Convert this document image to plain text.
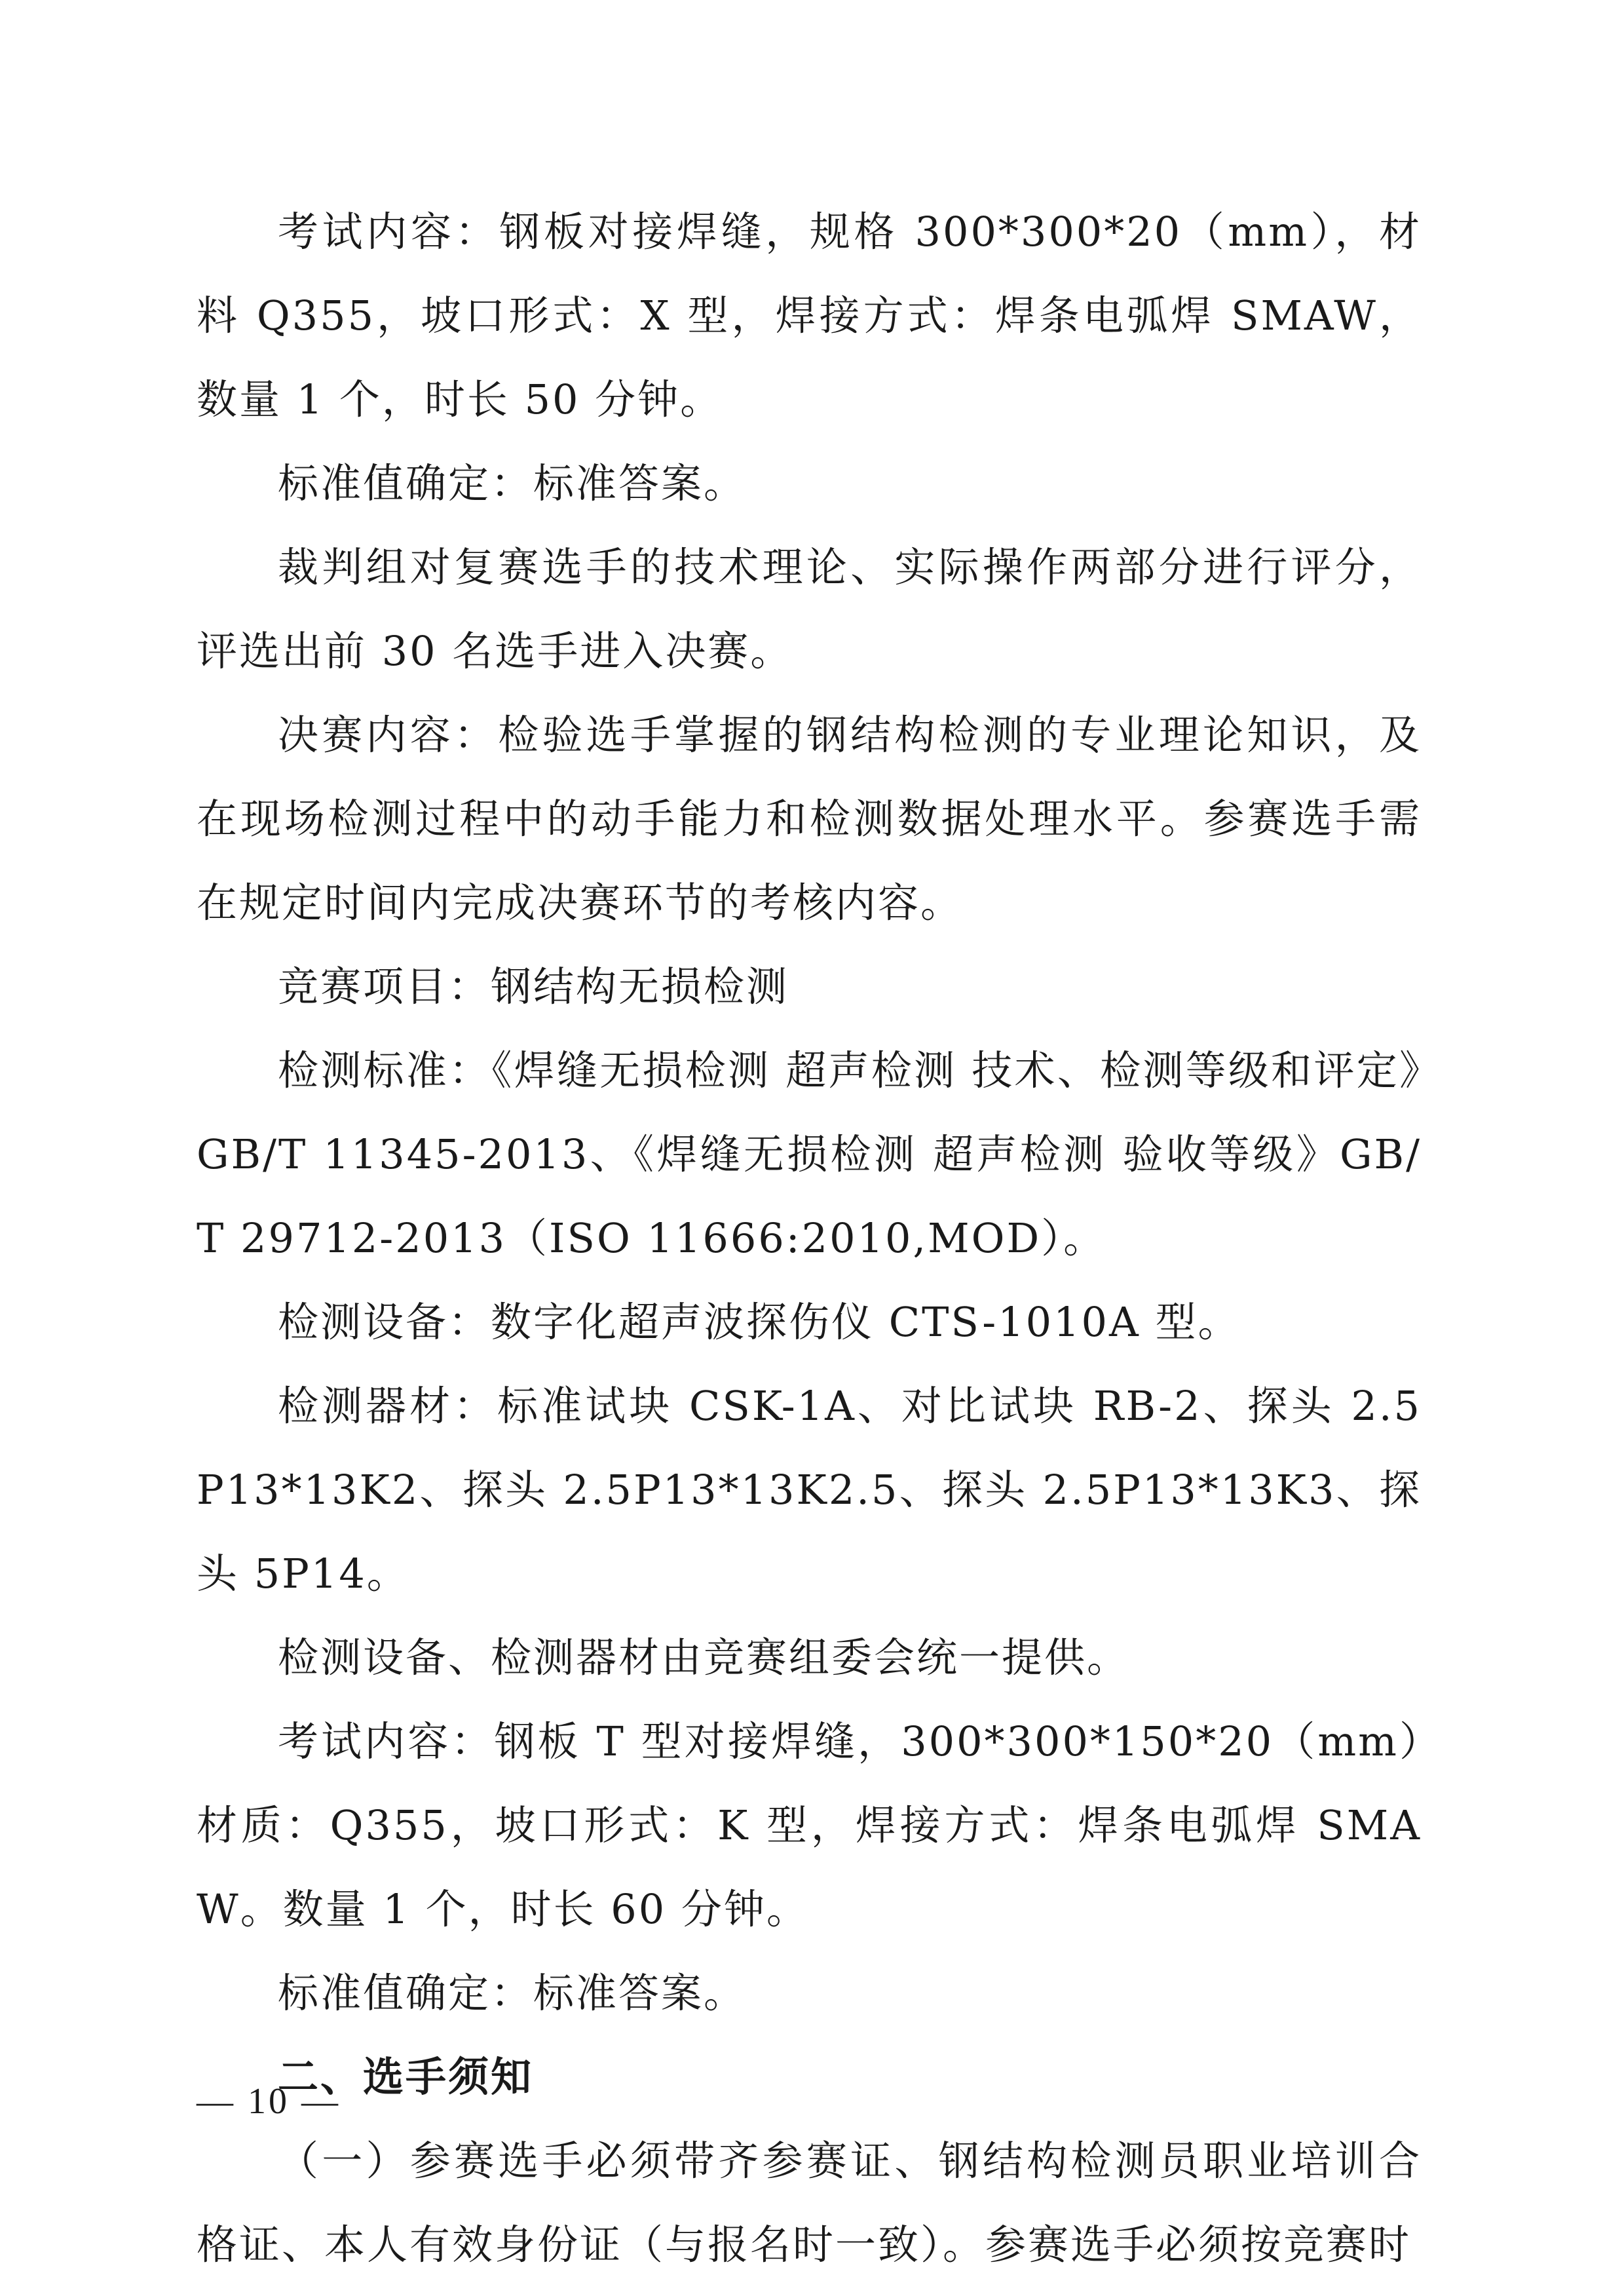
考试内容：钢板对接焊缝，规格 300*300*20（mm），材料 Q355，坡口形式：X 型，焊接方式：焊条电弧焊 SMAW，数量 1 个，时长 50 分钟。

标准值确定：标准答案。

裁判组对复赛选手的技术理论、实际操作两部分进行评分，评选出前 30 名选手进入决赛。

决赛内容：检验选手掌握的钢结构检测的专业理论知识，及在现场检测过程中的动手能力和检测数据处理水平。参赛选手需在规定时间内完成决赛环节的考核内容。

竞赛项目：钢结构无损检测

检测标准：《焊缝无损检测 超声检测 技术、检测等级和评定》GB/T 11345-2013、《焊缝无损检测 超声检测 验收等级》GB/T 29712-2013（ISO 11666:2010,MOD）。

检测设备：数字化超声波探伤仪 CTS-1010A 型。

检测器材：标准试块 CSK-1A、对比试块 RB-2、探头 2.5P13*13K2、探头 2.5P13*13K2.5、探头 2.5P13*13K3、探头 5P14。

检测设备、检测器材由竞赛组委会统一提供。

考试内容：钢板 T 型对接焊缝，300*300*150*20（mm）材质：Q355，坡口形式：K 型，焊接方式：焊条电弧焊 SMAW。数量 1 个，时长 60 分钟。

标准值确定：标准答案。

二、选手须知

（一）参赛选手必须带齐参赛证、钢结构检测员职业培训合格证、本人有效身份证（与报名时一致）。参赛选手必须按竞赛时

— 10 —
